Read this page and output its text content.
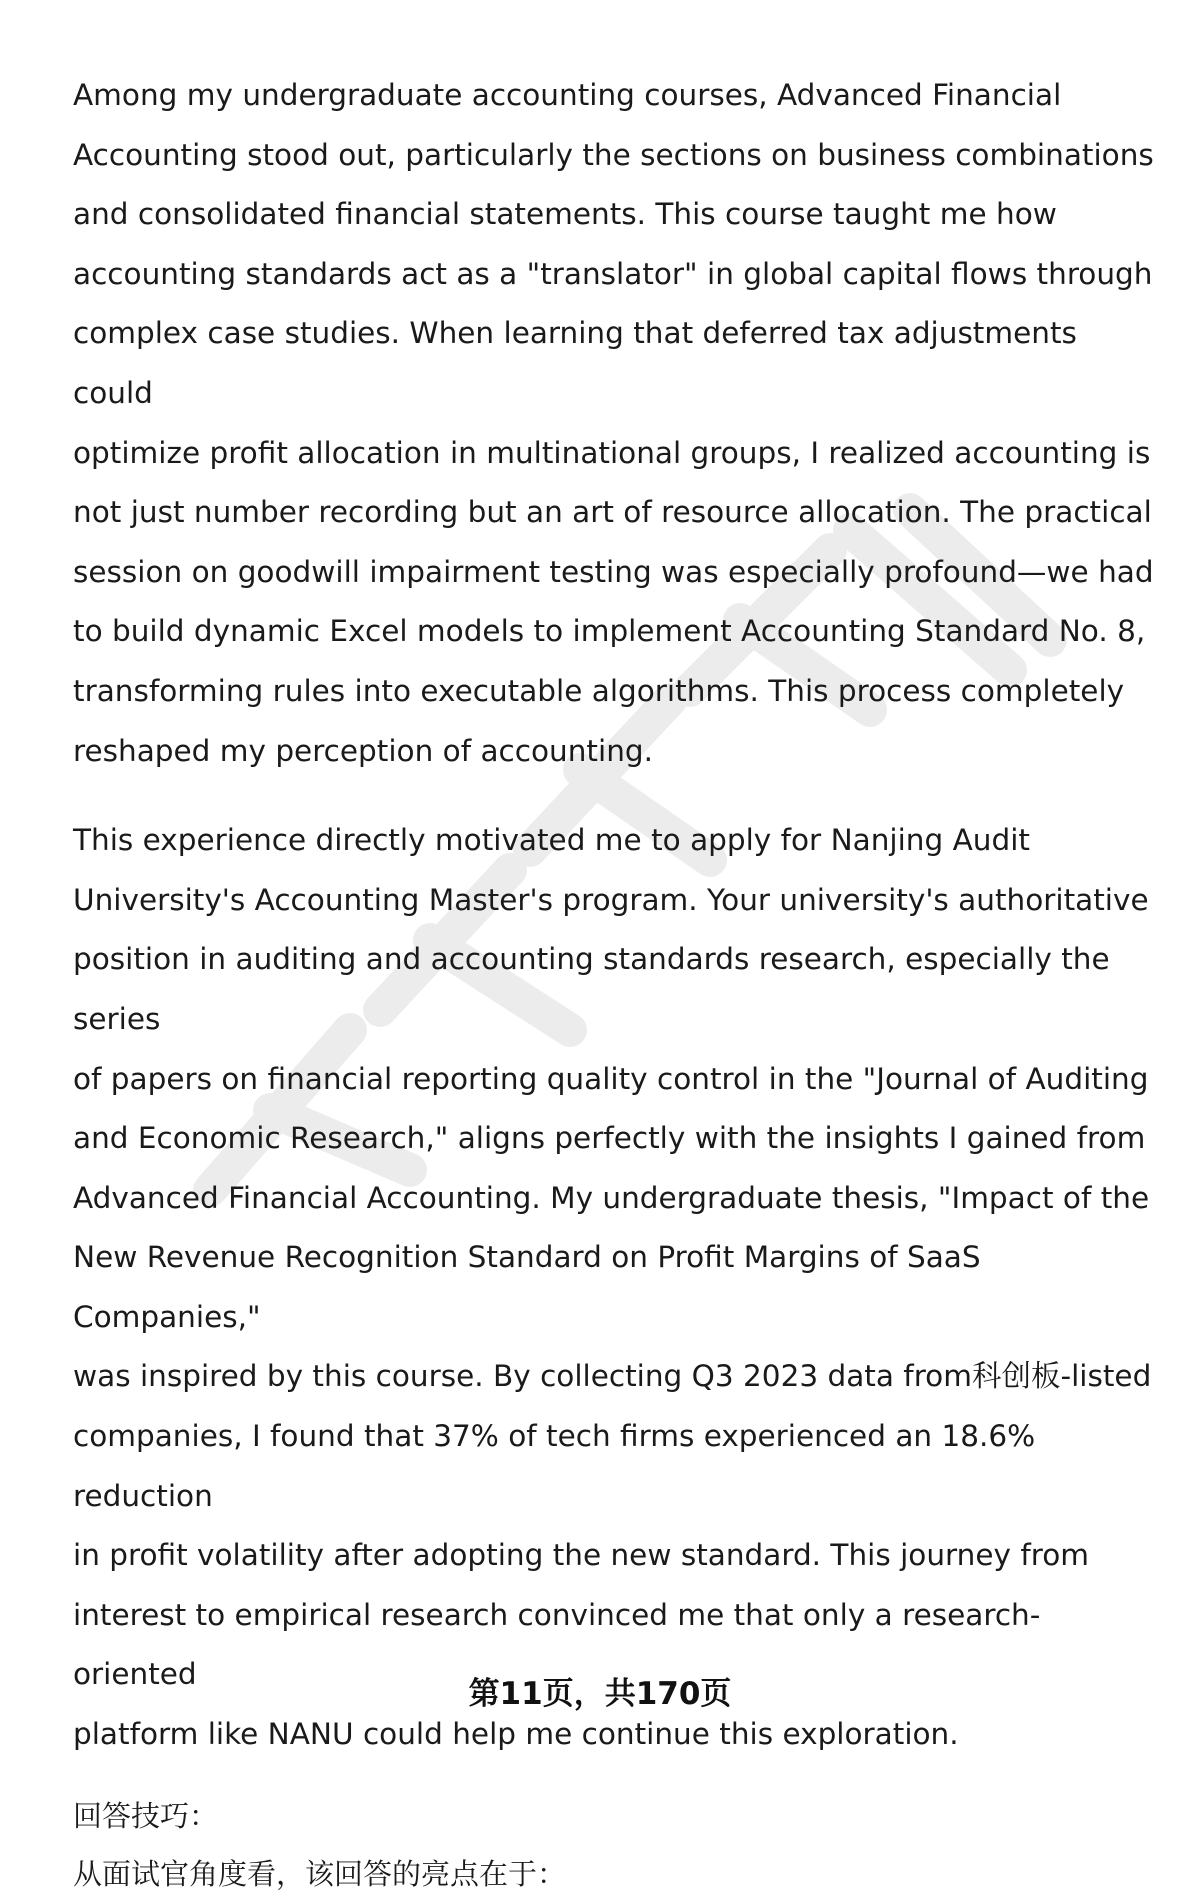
Among my undergraduate accounting courses, Advanced Financial
Accounting stood out, particularly the sections on business combinations
and consolidated financial statements. This course taught me how
accounting standards act as a "translator" in global capital flows through
complex case studies. When learning that deferred tax adjustments could
optimize profit allocation in multinational groups, I realized accounting is
not just number recording but an art of resource allocation. The practical
session on goodwill impairment testing was especially profound—we had
to build dynamic Excel models to implement Accounting Standard No. 8,
transforming rules into executable algorithms. This process completely
reshaped my perception of accounting.

This experience directly motivated me to apply for Nanjing Audit
University's Accounting Master's program. Your university's authoritative
position in auditing and accounting standards research, especially the series
of papers on financial reporting quality control in the "Journal of Auditing
and Economic Research," aligns perfectly with the insights I gained from
Advanced Financial Accounting. My undergraduate thesis, "Impact of the
New Revenue Recognition Standard on Profit Margins of SaaS Companies,"
was inspired by this course. By collecting Q3 2023 data from科创板-listed
companies, I found that 37% of tech firms experienced an 18.6% reduction
in profit volatility after adopting the new standard. This journey from
interest to empirical research convinced me that only a research-oriented
platform like NANU could help me continue this exploration.

回答技巧：

从面试官角度看，该回答的亮点在于：

第11页，共170页
